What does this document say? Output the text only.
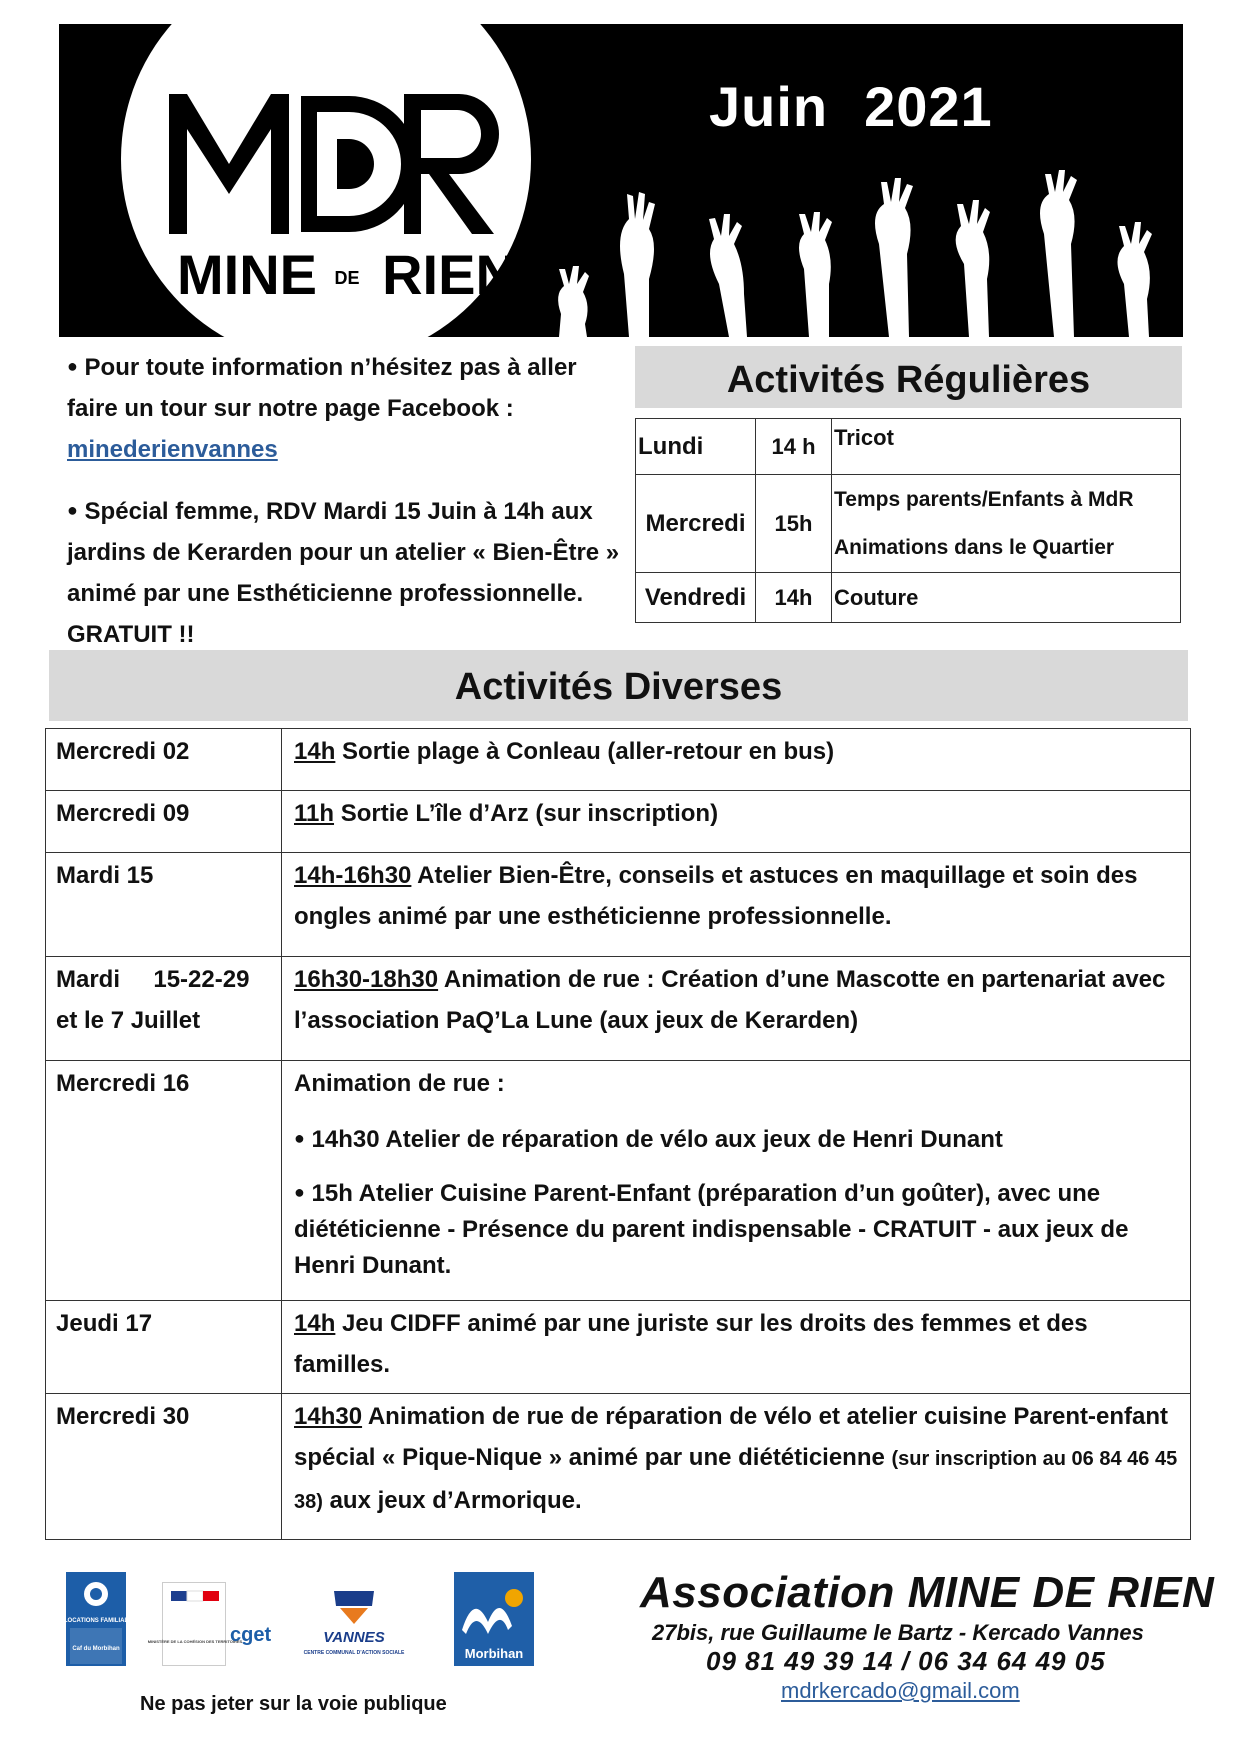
MINE DE RIEN
Juin 2021
● Pour toute information n’hésitez pas à aller faire un tour sur notre page Facebook :
minederienvannes
● Spécial femme, RDV Mardi 15 Juin à 14h aux jardins de Kerarden pour un atelier « Bien-Être » animé par une Esthéticienne professionnelle. GRATUIT !!
Activités Régulières
Lundi	14 h	Tricot
Mercredi	15h	Temps parents/Enfants à MdR
Animations dans le Quartier

Vendredi	14h	Couture
Activités Diverses
Mercredi 02	14h Sortie plage à Conleau (aller-retour en bus)
Mercredi 09	11h Sortie L’île d’Arz (sur inscription)
Mardi 15	14h-16h30 Atelier Bien-Être, conseils et astuces en maquillage et soin des ongles animé par une esthéticienne professionnelle.
Mardi     15-22-29 et le 7 Juillet	16h30-18h30 Animation de rue : Création d’une Mascotte en partenariat avec l’association PaQ’La Lune (aux jeux de Kerarden)
Mercredi 16	Animation de rue :
● 14h30 Atelier de réparation de vélo aux jeux de Henri Dunant
● 15h Atelier Cuisine Parent-Enfant (préparation d’un goûter), avec une diététicienne - Présence du parent indispensable - CRATUIT - aux jeux de Henri Dunant.

Jeudi 17	14h Jeu CIDFF animé par une juriste sur les droits des femmes et des familles.
Mercredi 30	14h30 Animation de rue de réparation de vélo et atelier cuisine Parent-enfant spécial « Pique-Nique » animé par une diététicienne (sur inscription au 06 84 46 45 38) aux jeux d’Armorique.
ALLOCATIONS FAMILIALES
Caf du Morbihan
MINISTÈRE DE LA COHÉSION DES TERRITOIRES
cget	VANNES
CENTRE COMMUNAL D’ACTION SOCIALE	Morbihan
Ne pas jeter sur la voie publique
Association MINE DE RIEN
27bis, rue Guillaume le Bartz - Kercado Vannes
09 81 49 39 14 / 06 34 64 49 05
mdrkercado@gmail.com
